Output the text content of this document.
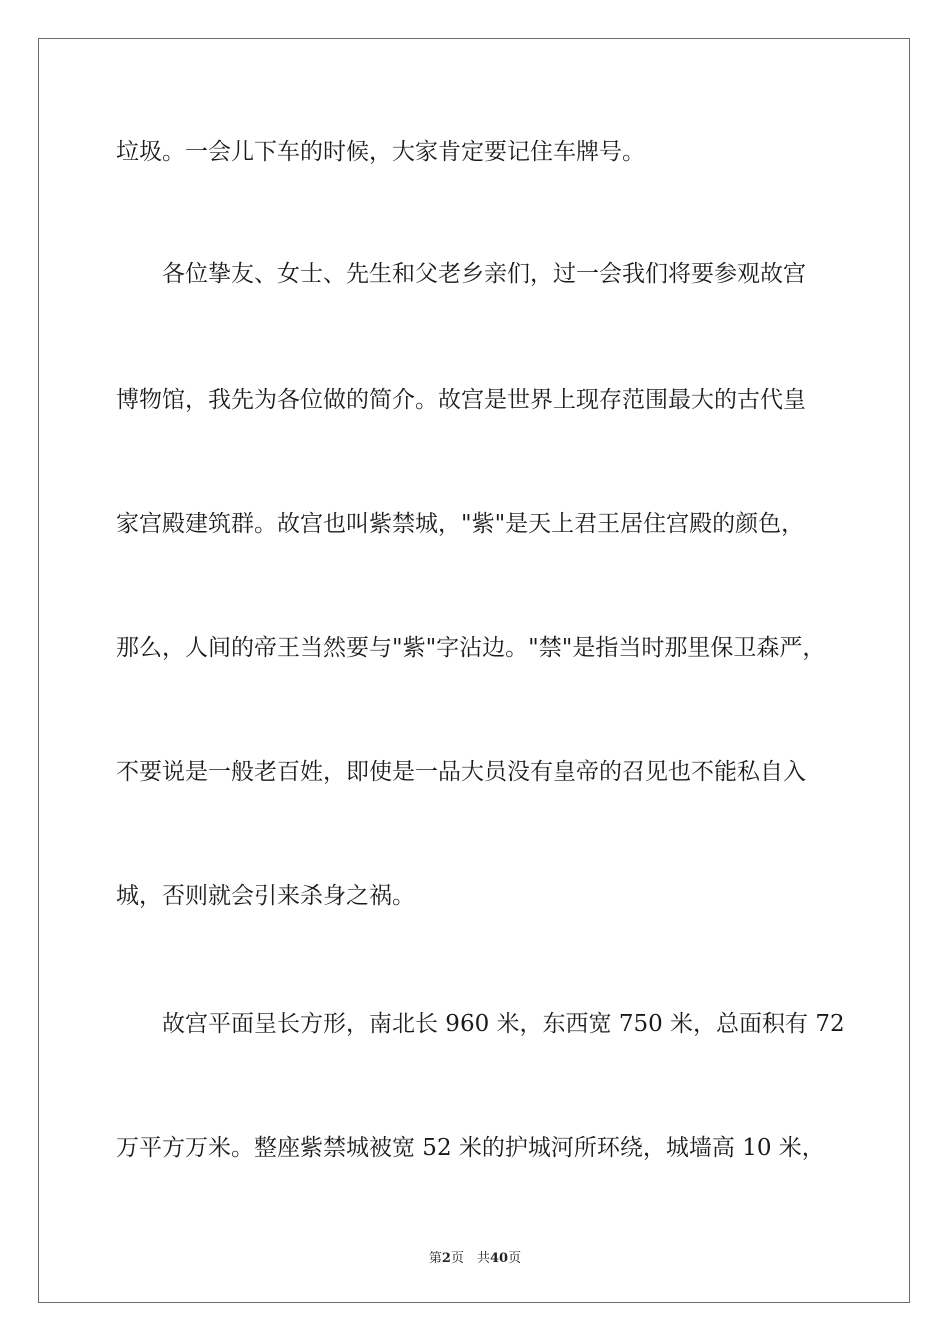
垃圾。一会儿下车的时候，大家肯定要记住车牌号。
　　各位挚友、女士、先生和父老乡亲们，过一会我们将要参观故宫
博物馆，我先为各位做的简介。故宫是世界上现存范围最大的古代皇
家宫殿建筑群。故宫也叫紫禁城，"紫"是天上君王居住宫殿的颜色，
那么，人间的帝王当然要与"紫"字沾边。"禁"是指当时那里保卫森严，
不要说是一般老百姓，即使是一品大员没有皇帝的召见也不能私自入
城，否则就会引来杀身之祸。
　　故宫平面呈长方形，南北长 960 米，东西宽 750 米，总面积有 72
万平方万米。整座紫禁城被宽 52 米的护城河所环绕，城墙高 10 米，
第2页　共40页
